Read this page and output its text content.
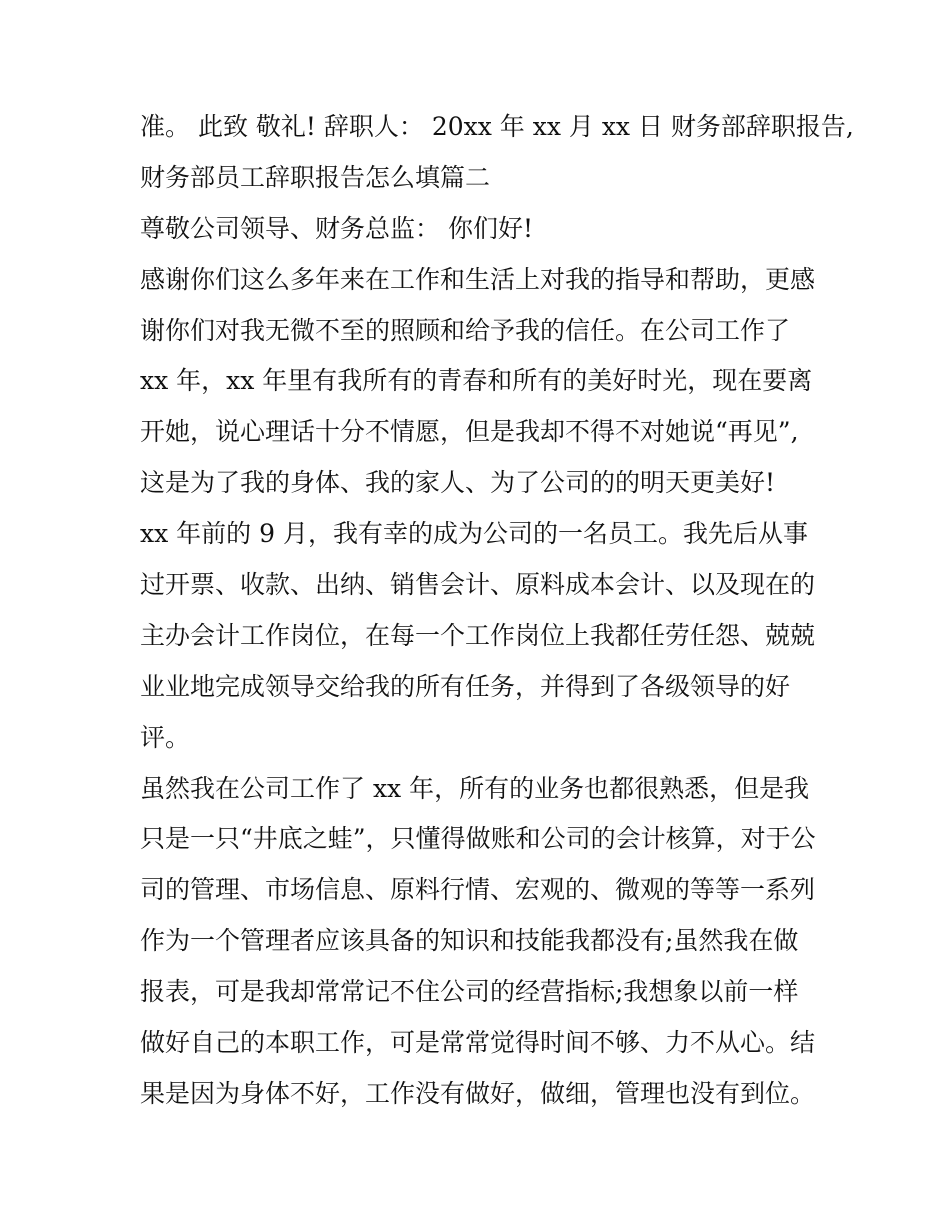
准。 此致 敬礼! 辞职人： 20xx 年 xx 月 xx 日 财务部辞职报告,
财务部员工辞职报告怎么填篇二
尊敬公司领导、财务总监： 你们好!
感谢你们这么多年来在工作和生活上对我的指导和帮助，更感
谢你们对我无微不至的照顾和给予我的信任。在公司工作了
xx 年，xx 年里有我所有的青春和所有的美好时光，现在要离
开她，说心理话十分不情愿，但是我却不得不对她说“再见”,
这是为了我的身体、我的家人、为了公司的的明天更美好!
xx 年前的 9 月，我有幸的成为公司的一名员工。我先后从事
过开票、收款、出纳、销售会计、原料成本会计、以及现在的
主办会计工作岗位，在每一个工作岗位上我都任劳任怨、兢兢
业业地完成领导交给我的所有任务，并得到了各级领导的好
评。
虽然我在公司工作了 xx 年，所有的业务也都很熟悉，但是我
只是一只“井底之蛙”，只懂得做账和公司的会计核算，对于公
司的管理、市场信息、原料行情、宏观的、微观的等等一系列
作为一个管理者应该具备的知识和技能我都没有;虽然我在做
报表，可是我却常常记不住公司的经营指标;我想象以前一样
做好自己的本职工作，可是常常觉得时间不够、力不从心。结
果是因为身体不好，工作没有做好，做细，管理也没有到位。
